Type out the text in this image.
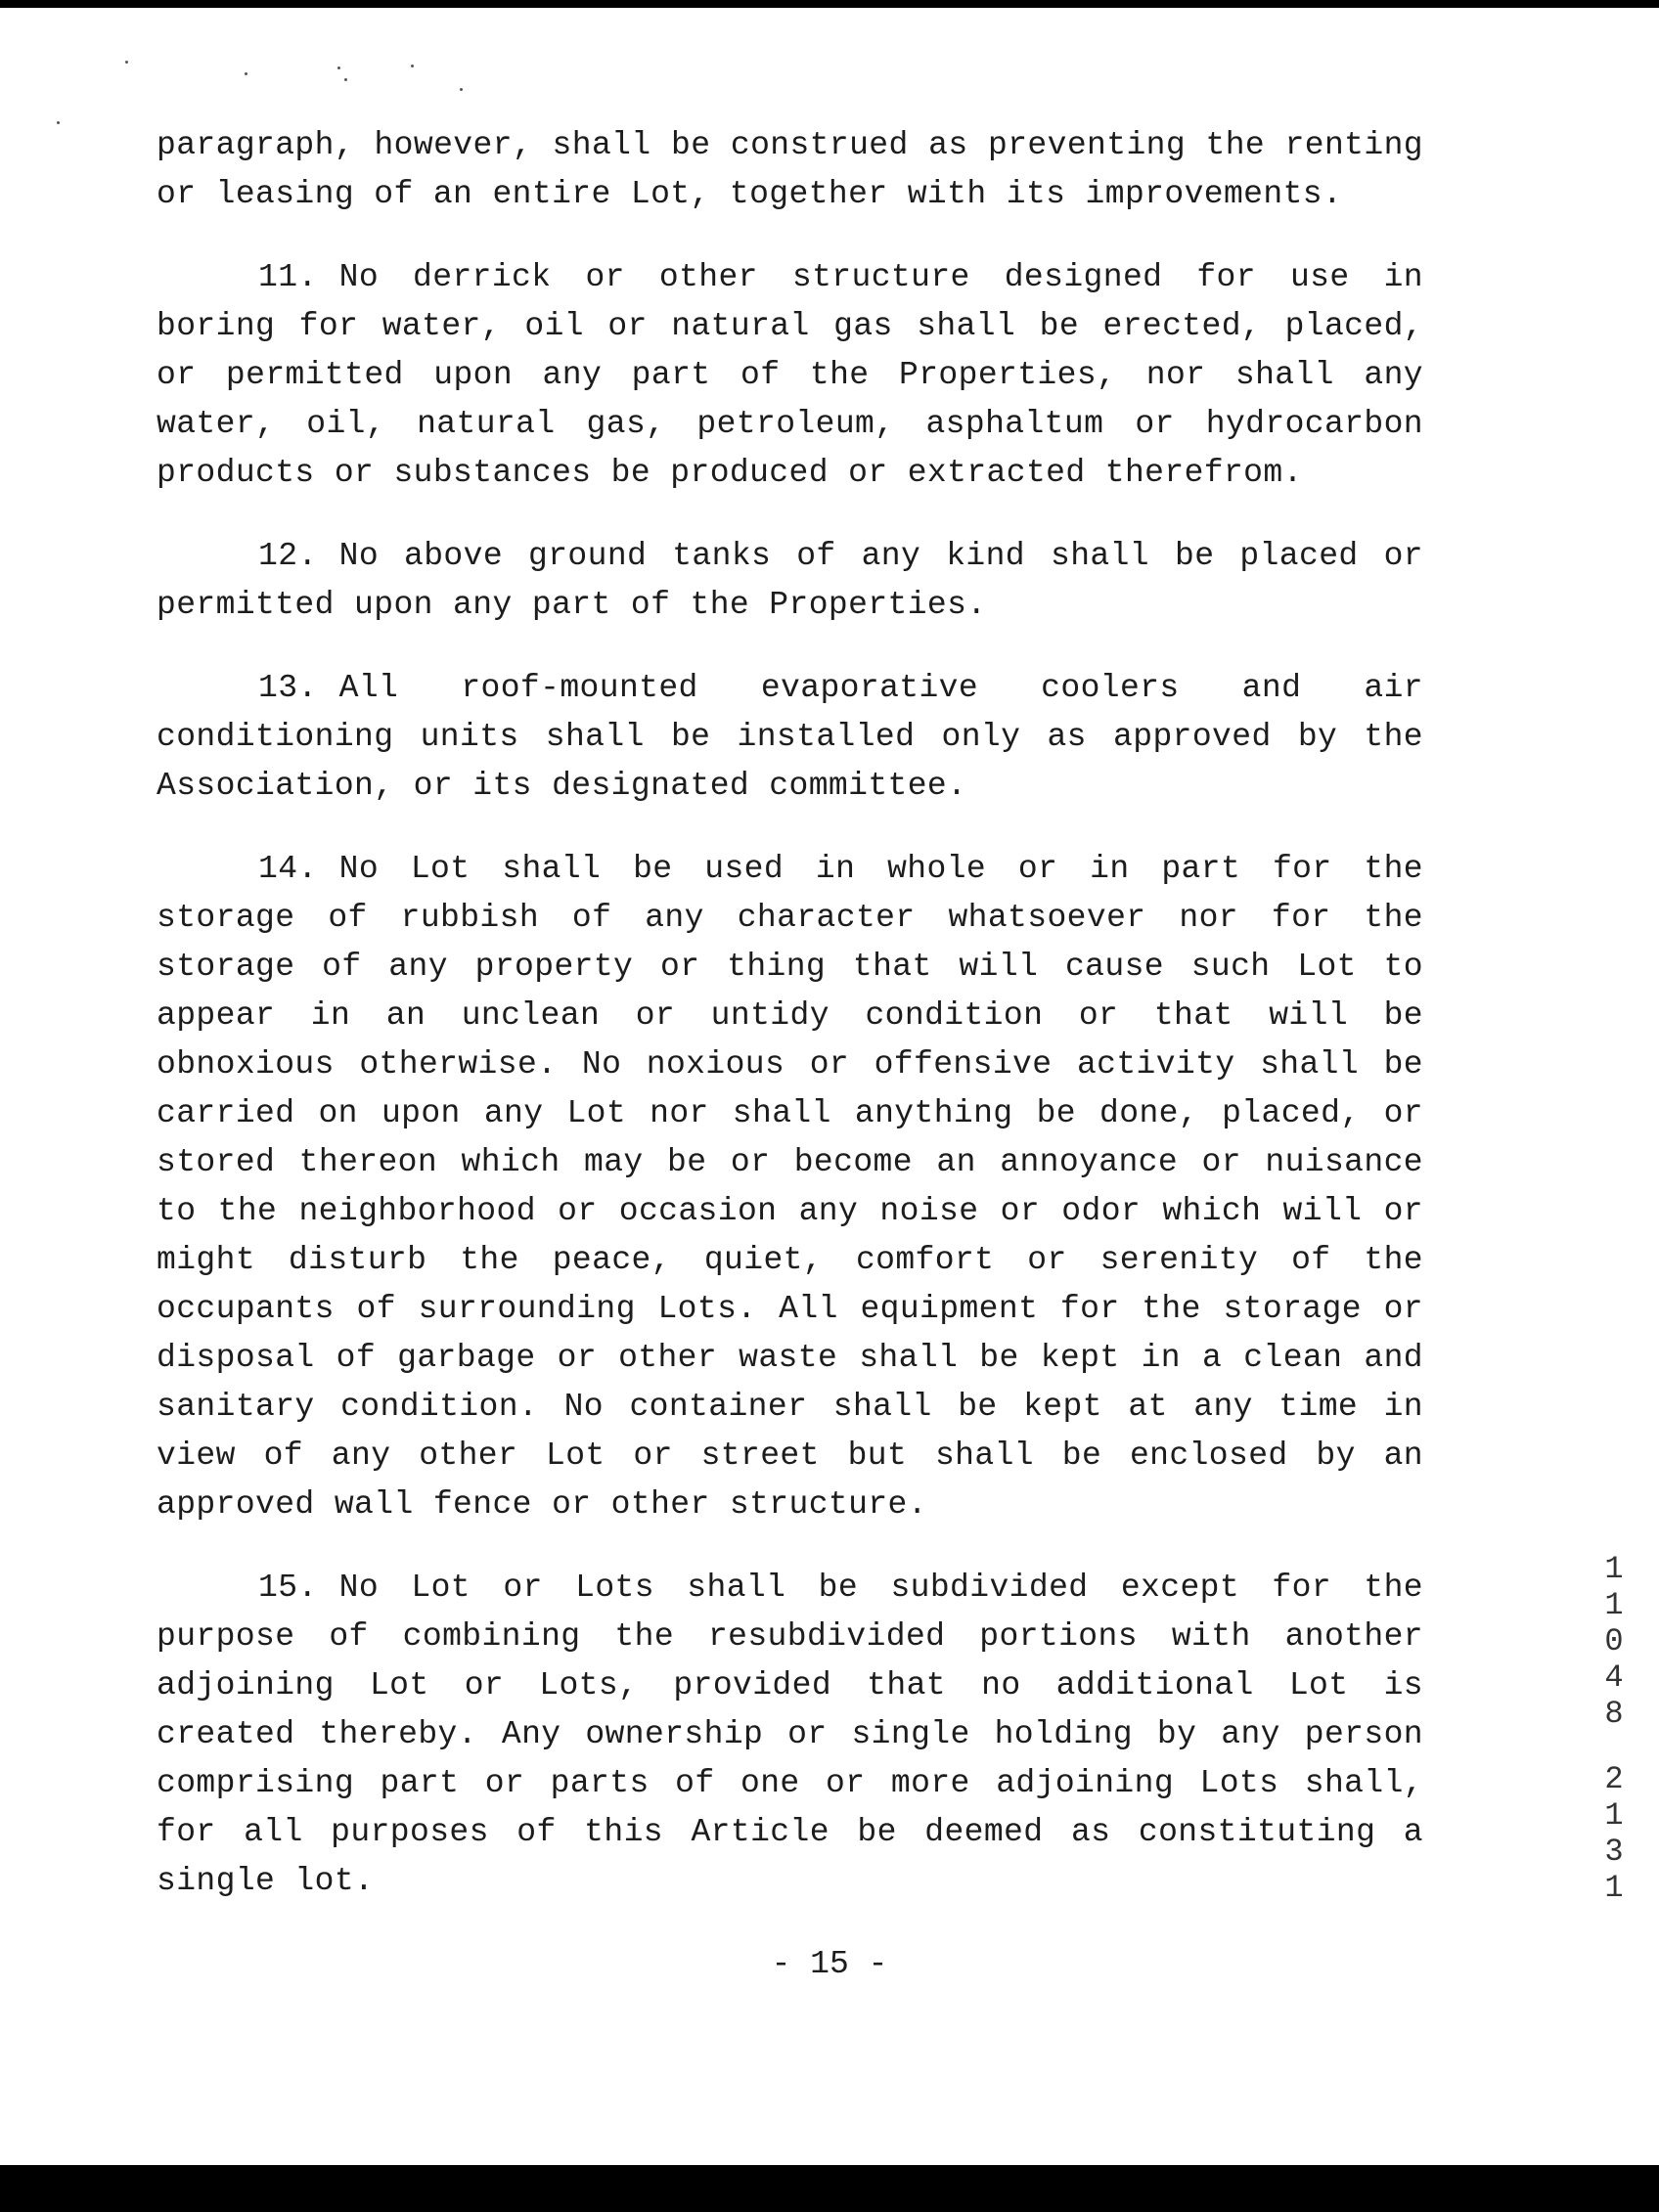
paragraph, however, shall be construed as preventing the renting or leasing of an entire Lot, together with its improvements.

11. No derrick or other structure designed for use in boring for water, oil or natural gas shall be erected, placed, or permitted upon any part of the Properties, nor shall any water, oil, natural gas, petroleum, asphaltum or hydrocarbon products or substances be produced or extracted therefrom.

12. No above ground tanks of any kind shall be placed or permitted upon any part of the Properties.

13. All roof-mounted evaporative coolers and air conditioning units shall be installed only as approved by the Association, or its designated committee.

14. No Lot shall be used in whole or in part for the storage of rubbish of any character whatsoever nor for the storage of any property or thing that will cause such Lot to appear in an unclean or untidy condition or that will be obnoxious otherwise. No noxious or offensive activity shall be carried on upon any Lot nor shall anything be done, placed, or stored thereon which may be or become an annoyance or nuisance to the neighborhood or occasion any noise or odor which will or might disturb the peace, quiet, comfort or serenity of the occupants of surrounding Lots. All equipment for the storage or disposal of garbage or other waste shall be kept in a clean and sanitary condition. No container shall be kept at any time in view of any other Lot or street but shall be enclosed by an approved wall fence or other structure.

15. No Lot or Lots shall be subdivided except for the purpose of combining the resubdivided portions with another adjoining Lot or Lots, provided that no additional Lot is created thereby. Any ownership or single holding by any person comprising part or parts of one or more adjoining Lots shall, for all purposes of this Article be deemed as constituting a single lot.

1
1
0
4
8
2
1
3
1
- 15 -
